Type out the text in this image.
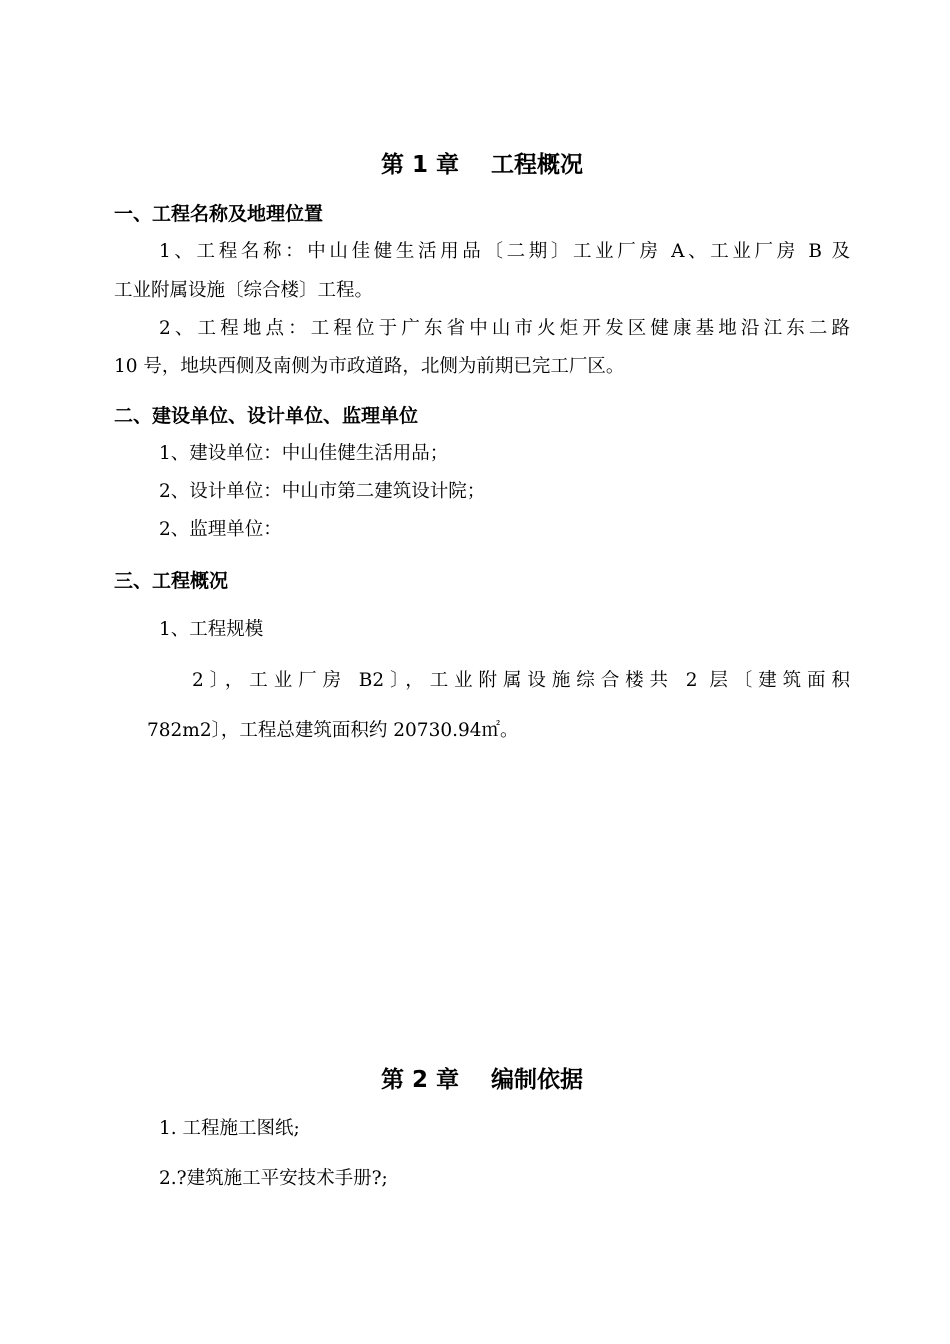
第 1 章    工程概况
一、工程名称及地理位置
1、工程名称：中山佳健生活用品〔二期〕工业厂房 A、工业厂房 B 及
工业附属设施〔综合楼〕工程。
2、工程地点：工程位于广东省中山市火炬开发区健康基地沿江东二路
10 号，地块西侧及南侧为市政道路，北侧为前期已完工厂区。
二、建设单位、设计单位、监理单位
1、建设单位：中山佳健生活用品；
2、设计单位：中山市第二建筑设计院；
2、监理单位：
三、工程概况
1、工程规模
2〕，工业厂房 B2〕，工业附属设施综合楼共 2 层〔建筑面积
782m2〕，工程总建筑面积约 20730.94㎡。
第 2 章    编制依据
1. 工程施工图纸;
2.?建筑施工平安技术手册?;
